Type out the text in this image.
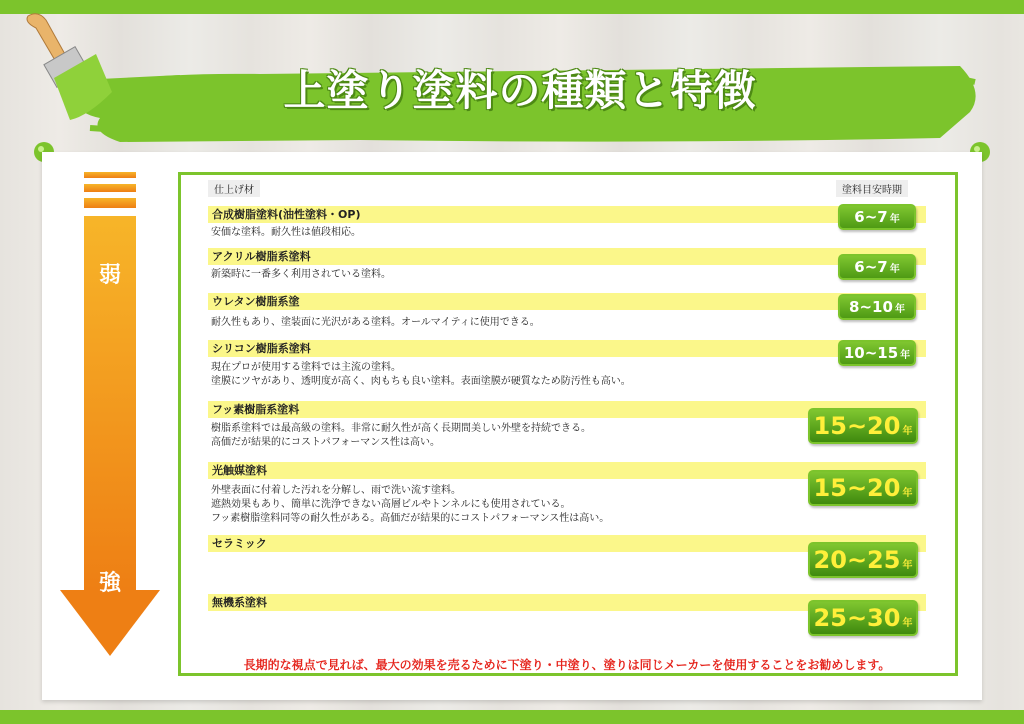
上塗り塗料の種類と特徴
弱
強
仕上げ材	塗料目安時期
合成樹脂塗料(油性塗料・OP)
安価な塗料。耐久性は値段相応。
6~7 年
アクリル樹脂系塗料
新築時に一番多く利用されている塗料。	6~7 年
ウレタン樹脂系塗
耐久性もあり、塗装面に光沢がある塗料。オールマイティに使用できる。
8~10 年
シリコン樹脂系塗料
現在プロが使用する塗料では主流の塗料。
塗膜にツヤがあり、透明度が高く、肉もちも良い塗料。表面塗膜が硬質なため防汚性も高い。
10~15 年
フッ素樹脂系塗料
樹脂系塗料では最高級の塗料。非常に耐久性が高く長期間美しい外壁を持続できる。
高価だが結果的にコストパフォーマンス性は高い。
15~20 年
光触媒塗料
外壁表面に付着した汚れを分解し、雨で洗い流す塗料。
遮熱効果もあり、簡単に洗浄できない高層ビルやトンネルにも使用されている。
フッ素樹脂塗料同等の耐久性がある。高価だが結果的にコストパフォーマンス性は高い。
15~20 年
セラミック
20~25 年
無機系塗料
25~30 年
長期的な視点で見れば、最大の効果を売るために下塗り・中塗り、塗りは同じメーカーを使用することをお勧めします。
